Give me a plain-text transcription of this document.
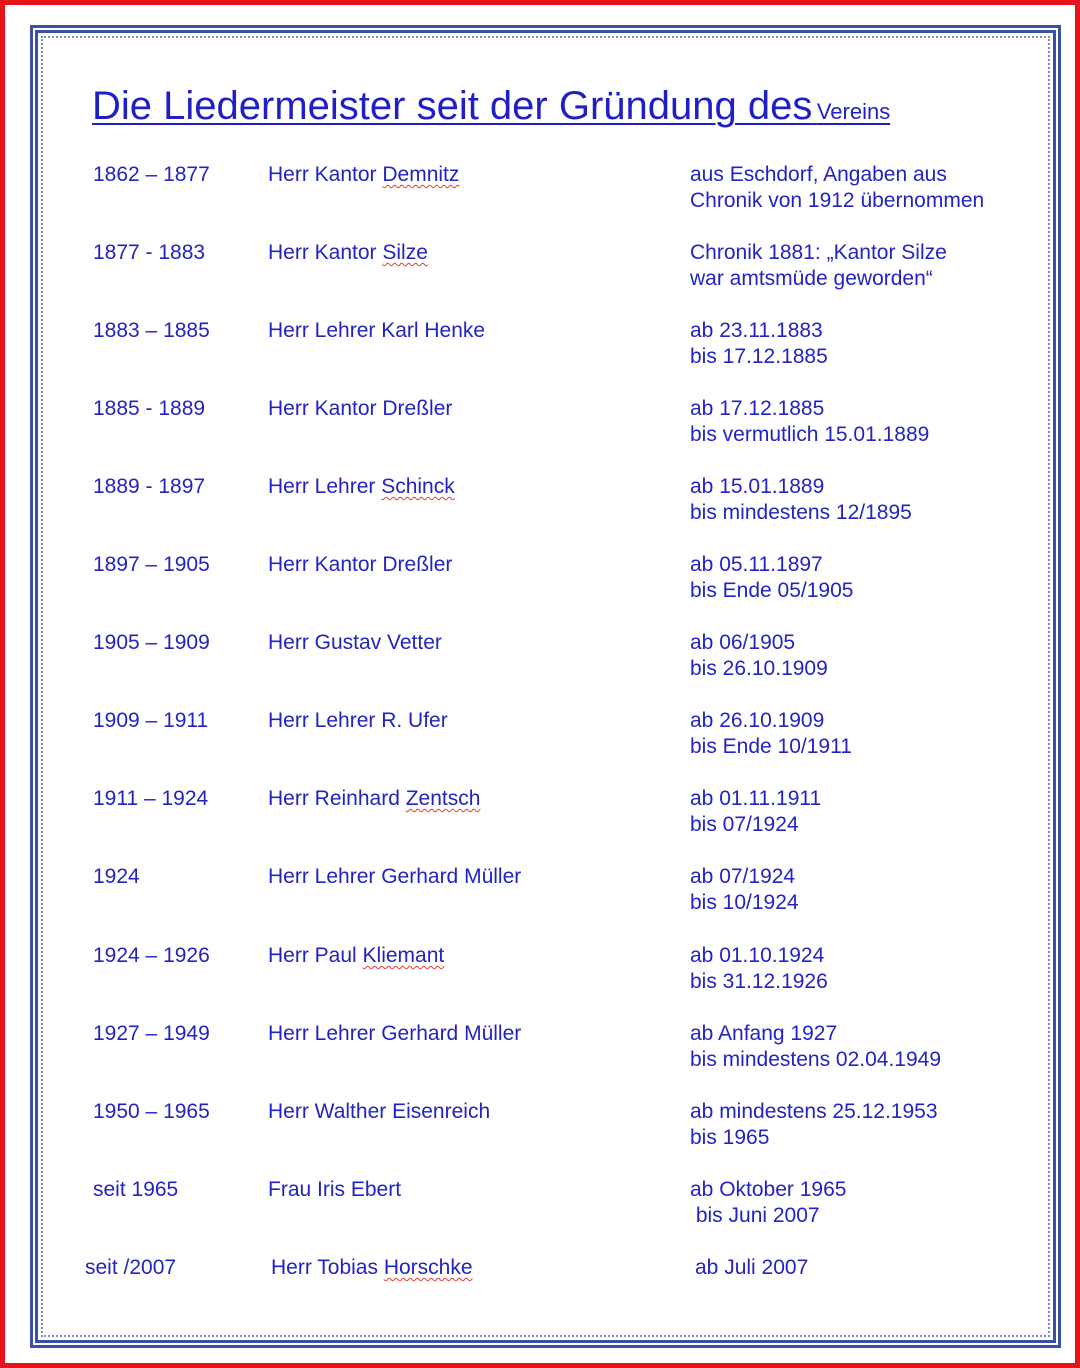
Die Liedermeister seit der Gründung des Vereins
1862 – 1877	Herr Kantor Demnitz	aus Eschdorf, Angaben aus
Chronik von 1912 übernommen
1877 - 1883	Herr Kantor Silze	Chronik 1881: „Kantor Silze
war amtsmüde geworden“
1883 – 1885	Herr Lehrer Karl Henke	ab 23.11.1883
bis 17.12.1885
1885 - 1889	Herr Kantor Dreßler	ab 17.12.1885
bis vermutlich 15.01.1889
1889 - 1897	Herr Lehrer Schinck	ab 15.01.1889
bis mindestens 12/1895
1897 – 1905	Herr Kantor Dreßler	ab 05.11.1897
bis Ende 05/1905
1905 – 1909	Herr Gustav Vetter	ab 06/1905
bis 26.10.1909
1909 – 1911	Herr Lehrer R. Ufer	ab 26.10.1909
bis Ende 10/1911
1911 – 1924	Herr Reinhard Zentsch	ab 01.11.1911
bis 07/1924
1924	Herr Lehrer Gerhard Müller	ab 07/1924
bis 10/1924
1924 – 1926	Herr Paul Kliemant	ab 01.10.1924
bis 31.12.1926
1927 – 1949	Herr Lehrer Gerhard Müller	ab Anfang 1927
bis mindestens 02.04.1949
1950 – 1965	Herr Walther Eisenreich	ab mindestens 25.12.1953
bis 1965
seit 1965	Frau Iris Ebert	ab Oktober 1965
bis Juni 2007
seit /2007	Herr Tobias Horschke	ab Juli 2007
